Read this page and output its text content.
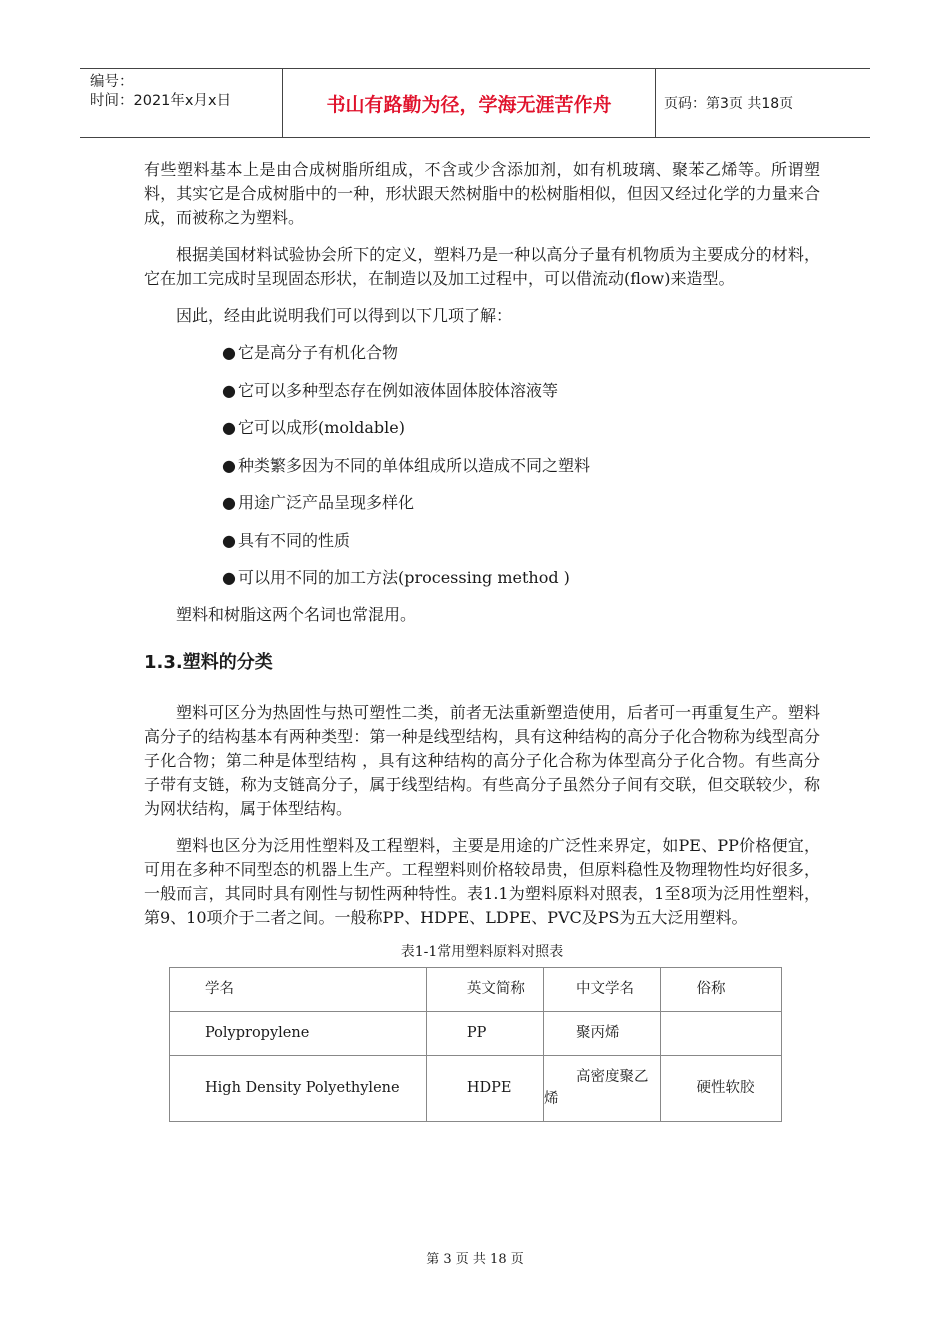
编号：
时间：2021年x月x日	书山有路勤为径，学海无涯苦作舟	页码：第3页 共18页

有些塑料基本上是由合成树脂所组成，不含或少含添加剂，如有机玻璃、聚苯乙烯等。所谓塑料，其实它是合成树脂中的一种，形状跟天然树脂中的松树脂相似，但因又经过化学的力量来合成，而被称之为塑料。

根据美国材料试验协会所下的定义，塑料乃是一种以高分子量有机物质为主要成分的材料，它在加工完成时呈现固态形状，在制造以及加工过程中，可以借流动(flow)来造型。

因此，经由此说明我们可以得到以下几项了解：

● 它是高分子有机化合物
● 它可以多种型态存在例如液体固体胶体溶液等
● 它可以成形(moldable)
● 种类繁多因为不同的单体组成所以造成不同之塑料
● 用途广泛产品呈现多样化
● 具有不同的性质
● 可以用不同的加工方法(processing method )

塑料和树脂这两个名词也常混用。

1.3.塑料的分类

塑料可区分为热固性与热可塑性二类，前者无法重新塑造使用，后者可一再重复生产。塑料高分子的结构基本有两种类型：第一种是线型结构，具有这种结构的高分子化合物称为线型高分子化合物；第二种是体型结构 ，具有这种结构的高分子化合称为体型高分子化合物。有些高分子带有支链，称为支链高分子，属于线型结构。有些高分子虽然分子间有交联，但交联较少，称为网状结构，属于体型结构。

塑料也区分为泛用性塑料及工程塑料，主要是用途的广泛性来界定，如PE、PP价格便宜，可用在多种不同型态的机器上生产。工程塑料则价格较昂贵，但原料稳性及物理物性均好很多，一般而言，其同时具有刚性与韧性两种特性。表1.1为塑料原料对照表，1至8项为泛用性塑料，第9、10项介于二者之间。一般称PP、HDPE、LDPE、PVC及PS为五大泛用塑料。

表1-1常用塑料原料对照表
学名	英文简称	中文学名	俗称
Polypropylene	PP	聚丙烯	
High Density Polyethylene	HDPE	高密度聚乙烯	硬性软胶
第 3 页 共 18 页
